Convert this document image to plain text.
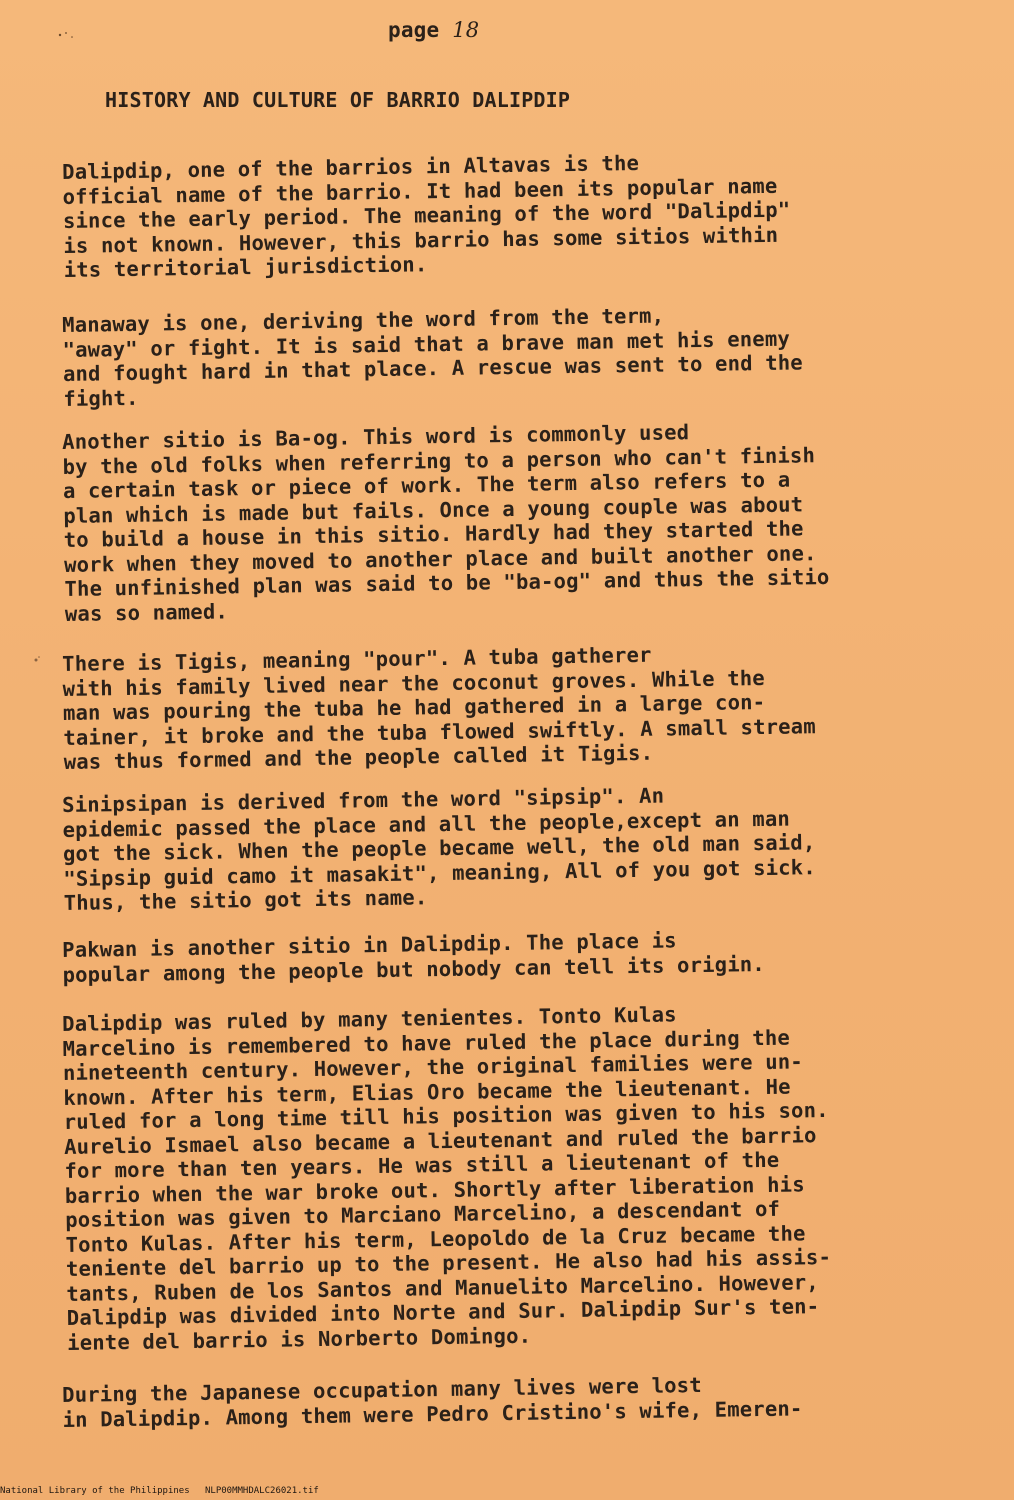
page 18
HISTORY AND CULTURE OF BARRIO DALIPDIP
Dalipdip, one of the barrios in Altavas is the
official name of the barrio. It had been its popular name
since the early period. The meaning of the word "Dalipdip"
is not known. However, this barrio has some sitios within
its territorial jurisdiction.
Manaway is one, deriving the word from the term,
"away" or fight. It is said that a brave man met his enemy
and fought hard in that place. A rescue was sent to end the
fight.
Another sitio is Ba-og. This word is commonly used
by the old folks when referring to a person who can't finish
a certain task or piece of work. The term also refers to a
plan which is made but fails. Once a young couple was about
to build a house in this sitio. Hardly had they started the
work when they moved to another place and built another one.
The unfinished plan was said to be "ba-og" and thus the sitio
was so named.
There is Tigis, meaning "pour". A tuba gatherer
with his family lived near the coconut groves. While the
man was pouring the tuba he had gathered in a large con-
tainer, it broke and the tuba flowed swiftly. A small stream
was thus formed and the people called it Tigis.
Sinipsipan is derived from the word "sipsip". An
epidemic passed the place and all the people,except an man
got the sick. When the people became well, the old man said,
"Sipsip guid camo it masakit", meaning, All of you got sick.
Thus, the sitio got its name.
Pakwan is another sitio in Dalipdip. The place is
popular among the people but nobody can tell its origin.
Dalipdip was ruled by many tenientes. Tonto Kulas
Marcelino is remembered to have ruled the place during the
nineteenth century. However, the original families were un-
known. After his term, Elias Oro became the lieutenant. He
ruled for a long time till his position was given to his son.
Aurelio Ismael also became a lieutenant and ruled the barrio
for more than ten years. He was still a lieutenant of the
barrio when the war broke out. Shortly after liberation his
position was given to Marciano Marcelino, a descendant of
Tonto Kulas. After his term, Leopoldo de la Cruz became the
teniente del barrio up to the present. He also had his assis-
tants, Ruben de los Santos and Manuelito Marcelino. However,
Dalipdip was divided into Norte and Sur. Dalipdip Sur's ten-
iente del barrio is Norberto Domingo.
During the Japanese occupation many lives were lost
in Dalipdip. Among them were Pedro Cristino's wife, Emeren-
National Library of the Philippines NLP00MMHDALC26021.tif
